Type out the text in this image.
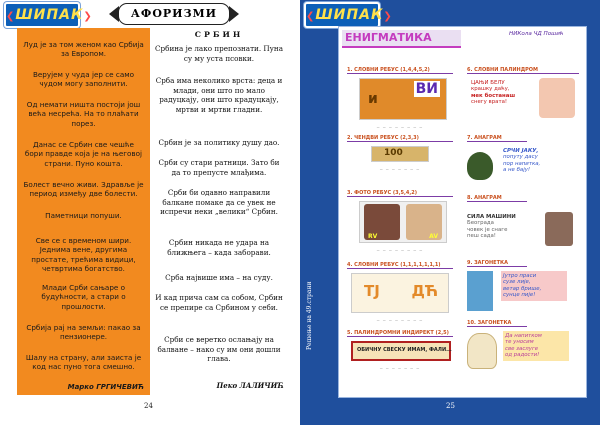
❮ШИПАК❯	АФОРИЗМИ

Луд је за том женом као Србија за Европом.

Верујем у чуда јер се само чудом могу заполнити.

Од немати ништа постоји још већа несрећа. На то плаћати порез.

Данас се Србин све чешће бори правде која је на његовој страни. Пуно кошта.

Болест вечно живи. Здравље је период између две болести.

Паметници попуши.

Све се с временом шири. Једнима вене, другима простате, трећима видици, четвртима богатство.

Млади Срби сањаре о будућности, а стари о прошлости.

Србија рај на земљи: пакао за пензионере.

Шалу на страну, али заиста је код нас пуно тога смешно.

Марко ГРГИЧЕВИЋ

СРБИН

Србина је лако препознати. Пуна су му уста псовки.

Срба има неколико врста: деца и млади, они што по мало радуцкају, они што крадуцкају, мртви и мртви гладни.

Србин је за политику душу дао.

Срби су стари ратници. Зато би да то препусте млађима.

Срби би одавно направили балкане помаке да се увек не испречи неки „велики“ Србин.

Србин никада не удара на ближњега – када заборави.

Срба највише има – на суду.

И кад прича сам са собом, Србин се препире са Србином у себи.

Срби се веретко ослањају на балване – нако су им они дошли глава.

Пеко ЛАЛИЧИЋ

24
❮ШИПАК❯
Решење на 49.страни
ЕНИГМАТИКА	НИКола ЧД Пошић
1. СЛОВНИ РЕБУС (1,4,4,5,2)
и
ВИ
_ _ _ _ _ _ _ _
2. ЧЕНДВИ РЕБУС (2,3,3)
100
_ _ _ _ _ _ _
3. ФОТО РЕБУС (3,5,4,2)
RV	AV
_ _ _ _ _ _ _ _
4. СЛОВНИ РЕБУС (1,1,1,1,1,1,1)
TJ ДЋ
_ _ _ _ _ _ _ _
5. ПАЛИНДРОМНИ ИНДИРЕКТ (2,5)
ОБИЧНУ СВЕСКУ ИМАМ, ФАЛИ...
_ _ _ _ _ _ _
6. СЛОВНИ ПАЛИНДРОМ
ЦАЊИ БЕЛУ
крашку даћу,
мек бостанаш
снегу врата!
7. АНАГРАМ
СРЧИ ЈАКУ,
попуту дасу
пор напитка,
а не бају!
8. АНАГРАМ
СИЛА МАШИНИ
Београда
човек је снаге
пеш сада!
9. ЗАГОНЕТКА
Јутро праси
сузе лије,
ветар брише,
сунце пије!
10. ЗАГОНЕТКА
Да напитком
те уносим
све заслуге
од радости!
25
